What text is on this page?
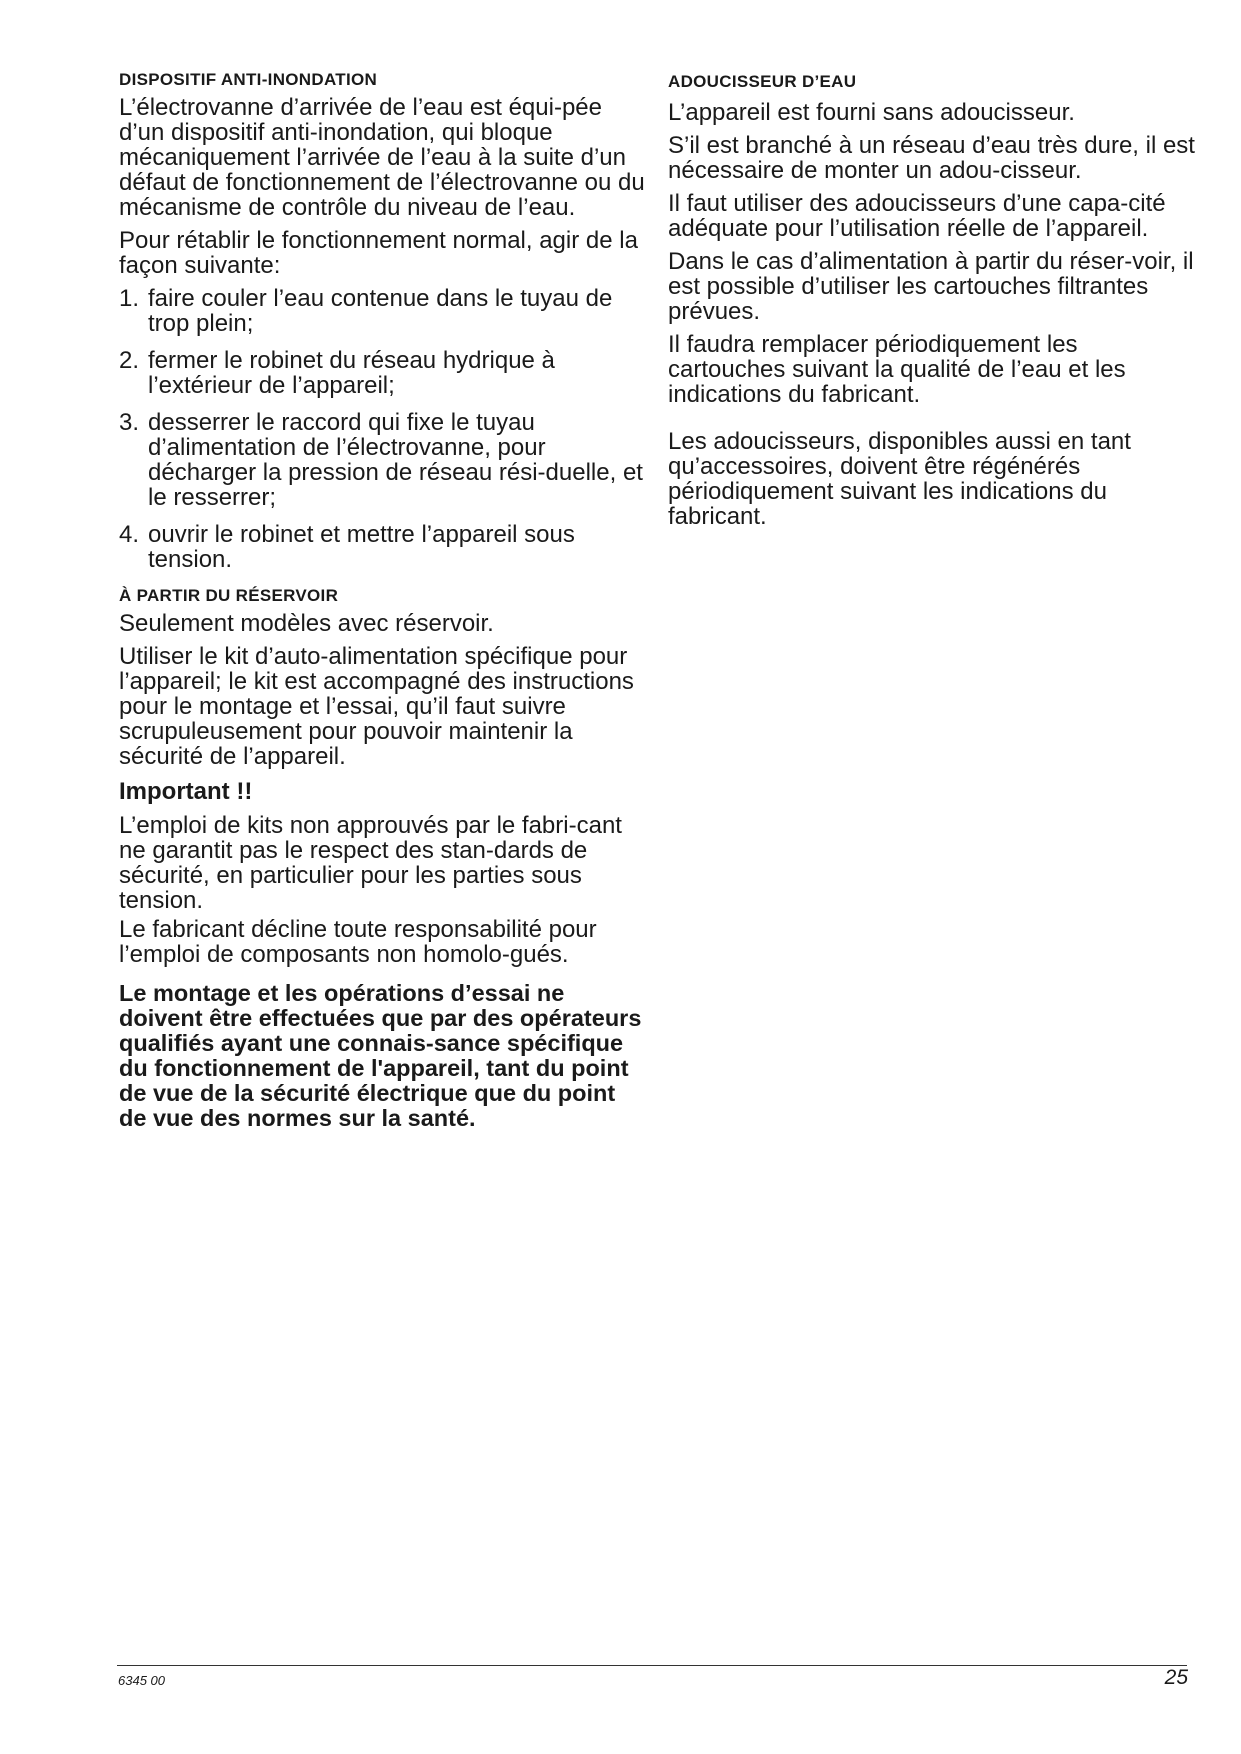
DISPOSITIF ANTI-INONDATION

L’électrovanne d’arrivée de l’eau est équi-pée d’un dispositif anti-inondation, qui bloque mécaniquement l’arrivée de l’eau à la suite d’un défaut de fonctionnement de l’électrovanne ou du mécanisme de contrôle du niveau de l’eau.

Pour rétablir le fonctionnement normal, agir de la façon suivante:

1. faire couler l’eau contenue dans le tuyau de trop plein;
2. fermer le robinet du réseau hydrique à l’extérieur de l’appareil;
3. desserrer le raccord qui fixe le tuyau d’alimentation de l’électrovanne, pour décharger la pression de réseau rési-duelle, et le resserrer;
4. ouvrir le robinet et mettre l’appareil sous tension.
À PARTIR DU RÉSERVOIR

Seulement modèles avec réservoir.

Utiliser le kit d’auto-alimentation spécifique pour l’appareil; le kit est accompagné des instructions pour le montage et l’essai, qu’il faut suivre scrupuleusement pour pouvoir maintenir la sécurité de l’appareil.

Important !!

L’emploi de kits non approuvés par le fabri-cant ne garantit pas le respect des stan-dards de sécurité, en particulier pour les parties sous tension.

Le fabricant décline toute responsabilité pour l’emploi de composants non homolo-gués.

Le montage et les opérations d’essai ne doivent être effectuées que par des opérateurs qualifiés ayant une connais-sance spécifique du fonctionnement de l'appareil, tant du point de vue de la sécurité électrique que du point de vue des normes sur la santé.

ADOUCISSEUR D’EAU

L’appareil est fourni sans adoucisseur.

S’il est branché à un réseau d’eau très dure, il est nécessaire de monter un adou-cisseur.

Il faut utiliser des adoucisseurs d’une capa-cité adéquate pour l’utilisation réelle de l’appareil.

Dans le cas d’alimentation à partir du réser-voir, il est possible d’utiliser les cartouches filtrantes prévues.

Il faudra remplacer périodiquement les cartouches suivant la qualité de l’eau et les indications du fabricant.

Les adoucisseurs, disponibles aussi en tant qu’accessoires, doivent être régénérés périodiquement suivant les indications du fabricant.

6345 00	25
